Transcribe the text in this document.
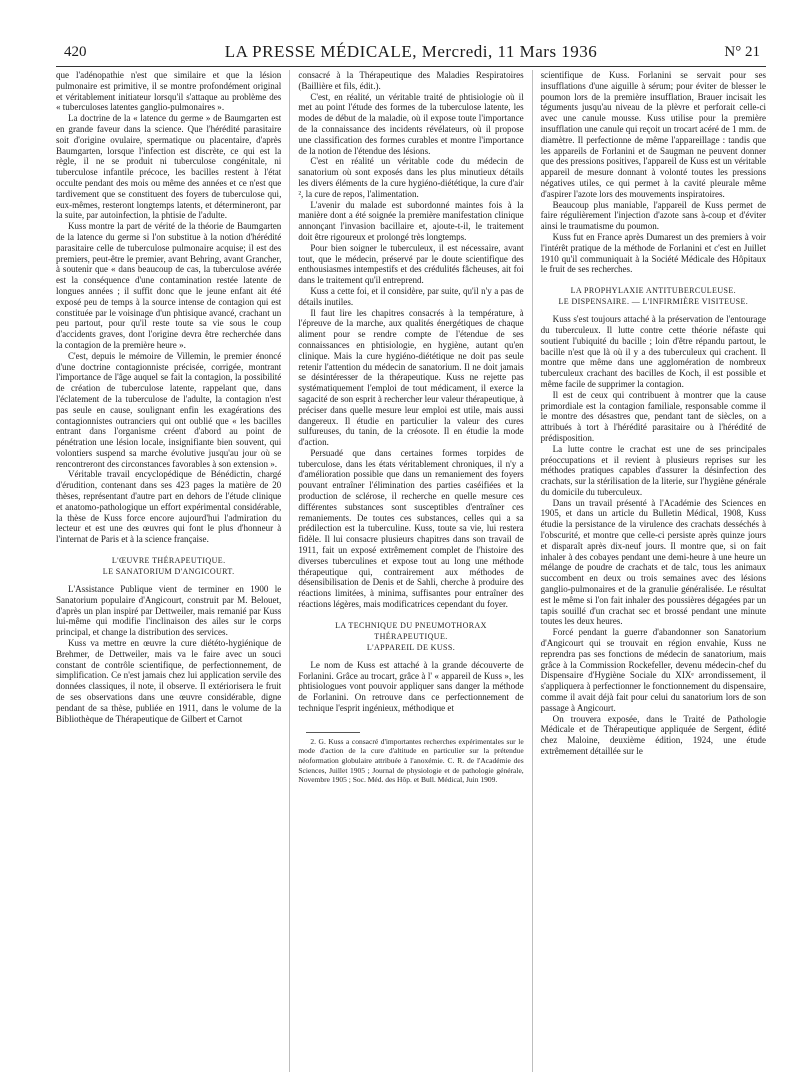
420	LA PRESSE MÉDICALE, Mercredi, 11 Mars 1936	N° 21

que l'adénopathie n'est que similaire et que la lésion pulmonaire est primitive, il se montre profondément original et véritablement initiateur lorsqu'il s'attaque au problème des « tuberculoses latentes ganglio-pulmonaires ».

La doctrine de la « latence du germe » de Baumgarten est en grande faveur dans la science. Que l'hérédité parasitaire soit d'origine ovulaire, spermatique ou placentaire, d'après Baumgarten, lorsque l'infection est discrète, ce qui est la règle, il ne se produit ni tuberculose congénitale, ni tuberculose infantile précoce, les bacilles restent à l'état occulte pendant des mois ou même des années et ce n'est que tardivement que se constituent des foyers de tuberculose qui, eux-mêmes, resteront longtemps latents, et détermineront, par la suite, par autoinfection, la phtisie de l'adulte.

Kuss montre la part de vérité de la théorie de Baumgarten de la latence du germe si l'on substitue à la notion d'hérédité parasitaire celle de tuberculose pulmonaire acquise; il est des premiers, peut-être le premier, avant Behring, avant Grancher, à soutenir que « dans beaucoup de cas, la tuberculose avérée est la conséquence d'une contamination restée latente de longues années ; il suffit donc que le jeune enfant ait été exposé peu de temps à la source intense de contagion qui est constituée par le voisinage d'un phtisique avancé, crachant un peu partout, pour qu'il reste toute sa vie sous le coup d'accidents graves, dont l'origine devra être recherchée dans la contagion de la première heure ».

C'est, depuis le mémoire de Villemin, le premier énoncé d'une doctrine contagionniste précisée, corrigée, montrant l'importance de l'âge auquel se fait la contagion, la possibilité de création de tuberculose latente, rappelant que, dans l'éclatement de la tuberculose de l'adulte, la contagion n'est pas seule en cause, soulignant enfin les exagérations des contagionnistes outranciers qui ont oublié que « les bacilles entrant dans l'organisme créent d'abord au point de pénétration une lésion locale, insignifiante bien souvent, qui volontiers suspend sa marche évolutive jusqu'au jour où se rencontreront des circonstances favorables à son extension ».

Véritable travail encyclopédique de Bénédictin, chargé d'érudition, contenant dans ses 423 pages la matière de 20 thèses, représentant d'autre part en dehors de l'étude clinique et anatomo-pathologique un effort expérimental considérable, la thèse de Kuss force encore aujourd'hui l'admiration du lecteur et est une des œuvres qui font le plus d'honneur à l'internat de Paris et à la science française.

L'ŒUVRE THÉRAPEUTIQUE.
LE SANATORIUM D'ANGICOURT.

L'Assistance Publique vient de terminer en 1900 le Sanatorium populaire d'Angicourt, construit par M. Belouet, d'après un plan inspiré par Dettweiler, mais remanié par Kuss lui-même qui modifie l'inclinaison des ailes sur le corps principal, et change la distribution des services.

Kuss va mettre en œuvre la cure diététo-hygiénique de Brehmer, de Dettweiler, mais va le faire avec un souci constant de contrôle scientifique, de perfectionnement, de simplification. Ce n'est jamais chez lui application servile des données classiques, il note, il observe. Il extériorisera le fruit de ses observations dans une œuvre considérable, digne pendant de sa thèse, publiée en 1911, dans le volume de la Bibliothèque de Thérapeutique de Gilbert et Carnot

consacré à la Thérapeutique des Maladies Respiratoires (Baillière et fils, édit.).

C'est, en réalité, un véritable traité de phtisiologie où il met au point l'étude des formes de la tuberculose latente, les modes de début de la maladie, où il expose toute l'importance de la connaissance des incidents révélateurs, où il propose une classification des formes curables et montre l'importance de la notion de l'étendue des lésions.

C'est en réalité un véritable code du médecin de sanatorium où sont exposés dans les plus minutieux détails les divers éléments de la cure hygiéno-diététique, la cure d'air ², la cure de repos, l'alimentation.

L'avenir du malade est subordonné maintes fois à la manière dont a été soignée la première manifestation clinique annonçant l'invasion bacillaire et, ajoute-t-il, le traitement doit être rigoureux et prolongé très longtemps.

Pour bien soigner le tuberculeux, il est nécessaire, avant tout, que le médecin, préservé par le doute scientifique des enthousiasmes intempestifs et des crédulités fâcheuses, ait foi dans le traitement qu'il entreprend.

Kuss a cette foi, et il considère, par suite, qu'il n'y a pas de détails inutiles.

Il faut lire les chapitres consacrés à la température, à l'épreuve de la marche, aux qualités énergétiques de chaque aliment pour se rendre compte de l'étendue de ses connaissances en phtisiologie, en hygiène, autant qu'en clinique. Mais la cure hygiéno-diététique ne doit pas seule retenir l'attention du médecin de sanatorium. Il ne doit jamais se désintéresser de la thérapeutique. Kuss ne rejette pas systématiquement l'emploi de tout médicament, il exerce la sagacité de son esprit à rechercher leur valeur thérapeutique, à préciser dans quelle mesure leur emploi est utile, mais aussi dangereux. Il étudie en particulier la valeur des cures sulfureuses, du tanin, de la créosote. Il en étudie la mode d'action.

Persuadé que dans certaines formes torpides de tuberculose, dans les états véritablement chroniques, il n'y a d'amélioration possible que dans un remaniement des foyers pouvant entraîner l'élimination des parties caséifiées et la production de sclérose, il recherche en quelle mesure ces différentes substances sont susceptibles d'entraîner ces remaniements. De toutes ces substances, celles qui a sa prédilection est la tuberculine. Kuss, toute sa vie, lui restera fidèle. Il lui consacre plusieurs chapitres dans son travail de 1911, fait un exposé extrêmement complet de l'histoire des diverses tuberculines et expose tout au long une méthode thérapeutique qui, contrairement aux méthodes de désensibilisation de Denis et de Sahli, cherche à produire des réactions limitées, à minima, suffisantes pour entraîner des réactions légères, mais modificatrices cependant du foyer.

LA TECHNIQUE DU PNEUMOTHORAX THÉRAPEUTIQUE.
L'APPAREIL DE KUSS.

Le nom de Kuss est attaché à la grande découverte de Forlanini. Grâce au trocart, grâce à l' « appareil de Kuss », les phtisiologues vont pouvoir appliquer sans danger la méthode de Forlanini. On retrouve dans ce perfectionnement de technique l'esprit ingénieux, méthodique et

2. G. Kuss a consacré d'importantes recherches expérimentales sur le mode d'action de la cure d'altitude en particulier sur la prétendue néoformation globulaire attribuée à l'anoxémie. C. R. de l'Académie des Sciences, Juillet 1905 ; Journal de physiologie et de pathologie générale, Novembre 1905 ; Soc. Méd. des Hôp. et Bull. Médical, Juin 1909.

scientifique de Kuss. Forlanini se servait pour ses insufflations d'une aiguille à sérum; pour éviter de blesser le poumon lors de la première insufflation, Brauer incisait les téguments jusqu'au niveau de la plèvre et perforait celle-ci avec une canule mousse. Kuss utilise pour la première insufflation une canule qui reçoit un trocart acéré de 1 mm. de diamètre. Il perfectionne de même l'appareillage : tandis que les appareils de Forlanini et de Saugman ne peuvent donner que des pressions positives, l'appareil de Kuss est un véritable appareil de mesure donnant à volonté toutes les pressions négatives utiles, ce qui permet à la cavité pleurale même d'aspirer l'azote lors des mouvements inspiratoires.

Beaucoup plus maniable, l'appareil de Kuss permet de faire régulièrement l'injection d'azote sans à-coup et d'éviter ainsi le traumatisme du poumon.

Kuss fut en France après Dumarest un des premiers à voir l'intérêt pratique de la méthode de Forlanini et c'est en Juillet 1910 qu'il communiquait à la Société Médicale des Hôpitaux le fruit de ses recherches.

LA PROPHYLAXIE ANTITUBERCULEUSE.
LE DISPENSAIRE. — L'INFIRMIÈRE VISITEUSE.

Kuss s'est toujours attaché à la préservation de l'entourage du tuberculeux. Il lutte contre cette théorie néfaste qui soutient l'ubiquité du bacille ; loin d'être répandu partout, le bacille n'est que là où il y a des tuberculeux qui crachent. Il montre que même dans une agglomération de nombreux tuberculeux crachant des bacilles de Koch, il est possible et même facile de supprimer la contagion.

Il est de ceux qui contribuent à montrer que la cause primordiale est la contagion familiale, responsable comme il le montre des désastres que, pendant tant de siècles, on a attribués à tort à l'hérédité parasitaire ou à l'hérédité de prédisposition.

La lutte contre le crachat est une de ses principales préoccupations et il revient à plusieurs reprises sur les méthodes pratiques capables d'assurer la désinfection des crachats, sur la stérilisation de la literie, sur l'hygiène générale du domicile du tuberculeux.

Dans un travail présenté à l'Académie des Sciences en 1905, et dans un article du Bulletin Médical, 1908, Kuss étudie la persistance de la virulence des crachats desséchés à l'obscurité, et montre que celle-ci persiste après quinze jours et disparaît après dix-neuf jours. Il montre que, si on fait inhaler à des cobayes pendant une demi-heure à une heure un mélange de poudre de crachats et de talc, tous les animaux succombent en deux ou trois semaines avec des lésions ganglio-pulmonaires et de la granulie généralisée. Le résultat est le même si l'on fait inhaler des poussières dégagées par un tapis souillé d'un crachat sec et brossé pendant une minute toutes les deux heures.

Forcé pendant la guerre d'abandonner son Sanatorium d'Angicourt qui se trouvait en région envahie, Kuss ne reprendra pas ses fonctions de médecin de sanatorium, mais grâce à la Commission Rockefeller, devenu médecin-chef du Dispensaire d'Hygiène Sociale du XIXᵉ arrondissement, il s'appliquera à perfectionner le fonctionnement du dispensaire, comme il avait déjà fait pour celui du sanatorium lors de son passage à Angicourt.

On trouvera exposée, dans le Traité de Pathologie Médicale et de Thérapeutique appliquée de Sergent, édité chez Maloine, deuxième édition, 1924, une étude extrêmement détaillée sur le
